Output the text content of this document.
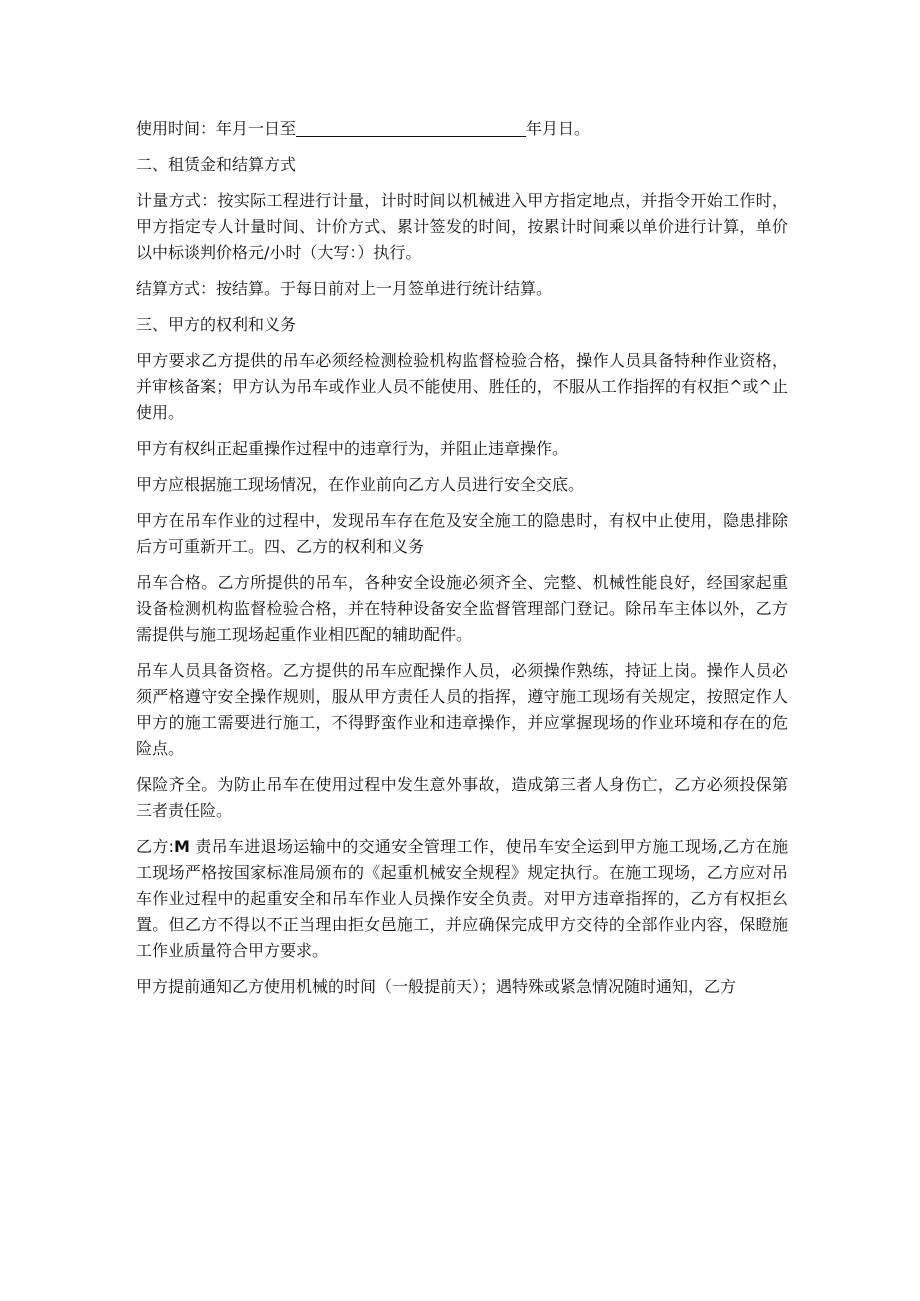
使用时间：年月一日至	年月日。

二、租赁金和结算方式

计量方式：按实际工程进行计量，计时时间以机械进入甲方指定地点，并指令开始工作时，甲方指定专人计量时间、计价方式、累计签发的时间，按累计时间乘以单价进行计算，单价以中标谈判价格元/小时（大写：）执行。

结算方式：按结算。于每日前对上一月签单进行统计结算。

三、甲方的权利和义务

甲方要求乙方提供的吊车必须经检测检验机构监督检验合格，操作人员具备特种作业资格，并审核备案；甲方认为吊车或作业人员不能使用、胜任的，不服从工作指挥的有权拒^或^止使用。

甲方有权纠正起重操作过程中的违章行为，并阻止违章操作。

甲方应根据施工现场情况，在作业前向乙方人员进行安全交底。

甲方在吊车作业的过程中，发现吊车存在危及安全施工的隐患时，有权中止使用，隐患排除后方可重新开工。四、乙方的权利和义务

吊车合格。乙方所提供的吊车，各种安全设施必须齐全、完整、机械性能良好，经国家起重设备检测机构监督检验合格，并在特种设备安全监督管理部门登记。除吊车主体以外，乙方需提供与施工现场起重作业相匹配的辅助配件。

吊车人员具备资格。乙方提供的吊车应配操作人员，必须操作熟练，持证上岗。操作人员必须严格遵守安全操作规则，服从甲方责任人员的指挥，遵守施工现场有关规定，按照定作人甲方的施工需要进行施工，不得野蛮作业和违章操作，并应掌握现场的作业环境和存在的危险点。

保险齐全。为防止吊车在使用过程中发生意外事故，造成第三者人身伤亡，乙方必须投保第三者责任险。

乙方:M 责吊车进退场运输中的交通安全管理工作，使吊车安全运到甲方施工现场,乙方在施工现场严格按国家标准局颁布的《起重机械安全规程》规定执行。在施工现场，乙方应对吊车作业过程中的起重安全和吊车作业人员操作安全负责。对甲方违章指挥的，乙方有权拒幺置。但乙方不得以不正当理由拒女邑施工，并应确保完成甲方交待的全部作业内容，保瞪施工作业质量符合甲方要求。

甲方提前通知乙方使用机械的时间（一般提前天）；遇特殊或紧急情况随时通知，乙方
